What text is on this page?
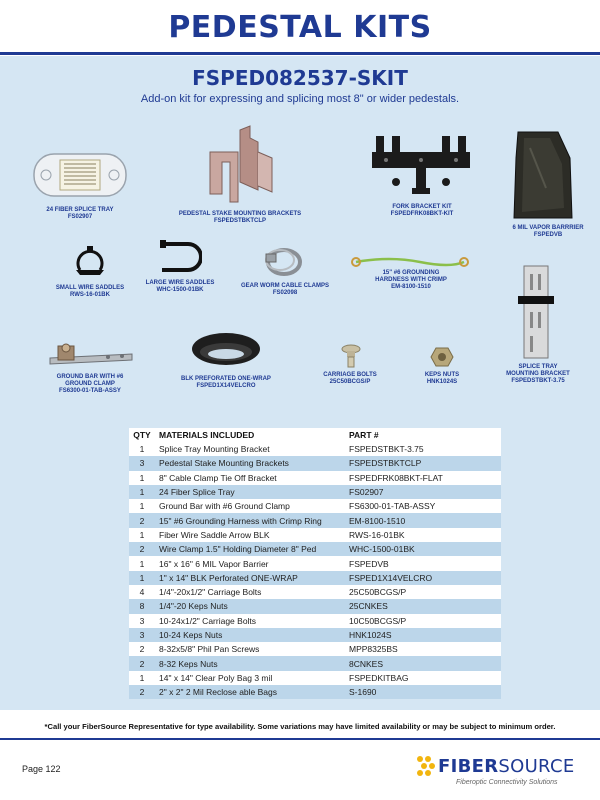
PEDESTAL KITS
FSPED082537-SKIT
Add-on kit for expressing and splicing most 8" or wider pedestals.
24 FIBER SPLICE TRAY
FS02907	PEDESTAL STAKE MOUNTING BRACKETS
FSPEDSTBKTCLP
FORK BRACKET KIT
FSPEDFRK08BKT-KIT
6 MIL VAPOR BARRRIER
FSPEDVB
SMALL WIRE SADDLES
RWS-16-01BK
LARGE WIRE SADDLES
WHC-1500-01BK
GEAR WORM CABLE CLAMPS
FS02098
15" #6 GROUNDING
HARDNESS WITH CRIMP
EM-8100-1510
SPLICE TRAY
MOUNTING BRACKET
FSPEDSTBKT-3.75
GROUND BAR WITH #6
GROUND CLAMP
FS6300-01-TAB-ASSY
BLK PREFORATED ONE-WRAP
FSPED1X14VELCRO
CARRIAGE BOLTS
25C50BCGS/P
KEPS NUTS
HNK1024S
QTY MATERIALS INCLUDED	PART #
1	Splice Tray Mounting Bracket	FSPEDSTBKT-3.75
3	Pedestal Stake Mounting Brackets	FSPEDSTBKTCLP
1	8" Cable Clamp Tie Off Bracket	FSPEDFRK08BKT-FLAT
1	24 Fiber Splice Tray	FS02907
1	Ground Bar with #6 Ground Clamp	FS6300-01-TAB-ASSY
2	15" #6 Grounding Harness with Crimp Ring	EM-8100-1510
1	Fiber Wire Saddle Arrow BLK	RWS-16-01BK
2	Wire Clamp 1.5" Holding Diameter 8" Ped	WHC-1500-01BK
1	16" x 16" 6 MIL Vapor Barrier	FSPEDVB
1	1" x 14" BLK Perforated ONE-WRAP	FSPED1X14VELCRO
4	1/4"-20x1/2" Carriage Bolts	25C50BCGS/P
8	1/4"-20 Keps Nuts	25CNKES
3	10-24x1/2" Carriage Bolts	10C50BCGS/P
3	10-24 Keps Nuts	HNK1024S
2	8-32x5/8" Phil Pan Screws	MPP8325BS
2	8-32 Keps Nuts	8CNKES
1	14" x 14" Clear Poly Bag 3 mil	FSPEDKITBAG
2	2" x 2" 2 Mil Reclose able Bags	S-1690
*Call your FiberSource Representative for type availability. Some variations may have limited availability or may be subject to minimum order.
Page 122	FIBERSOURCE
Fiberoptic Connectivity Solutions
